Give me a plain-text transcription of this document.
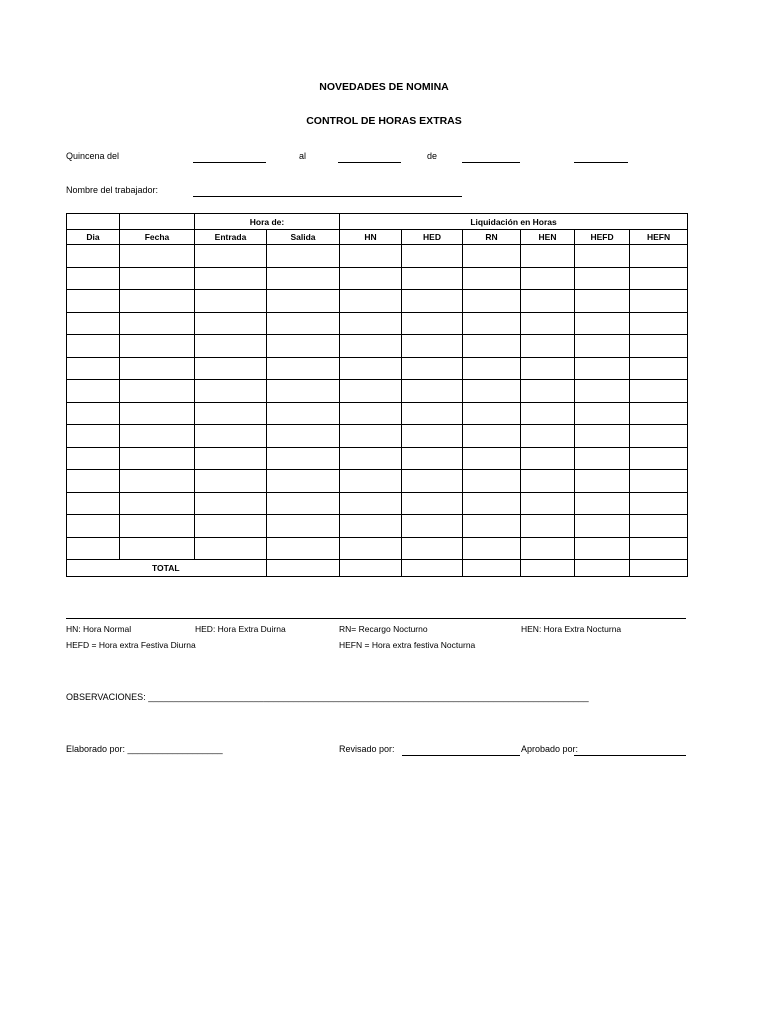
NOVEDADES DE NOMINA
CONTROL DE HORAS EXTRAS
Quincena del	al	de
Nombre del trabajador:
		Hora de:		Liquidación en Horas					
Dia	Fecha	Entrada	Salida	HN	HED	RN	HEN	HEFD	HEFN

TOTAL									
HN: Hora Normal	HED: Hora Extra Duirna	RN= Recargo Nocturno	HEN: Hora Extra Nocturna
HEFD = Hora extra Festiva Diurna	HEFN = Hora extra festiva Nocturna
OBSERVACIONES: ________________________________________________________________________________________
Elaborado por: ___________________	Revisado por:	Aprobado por:
